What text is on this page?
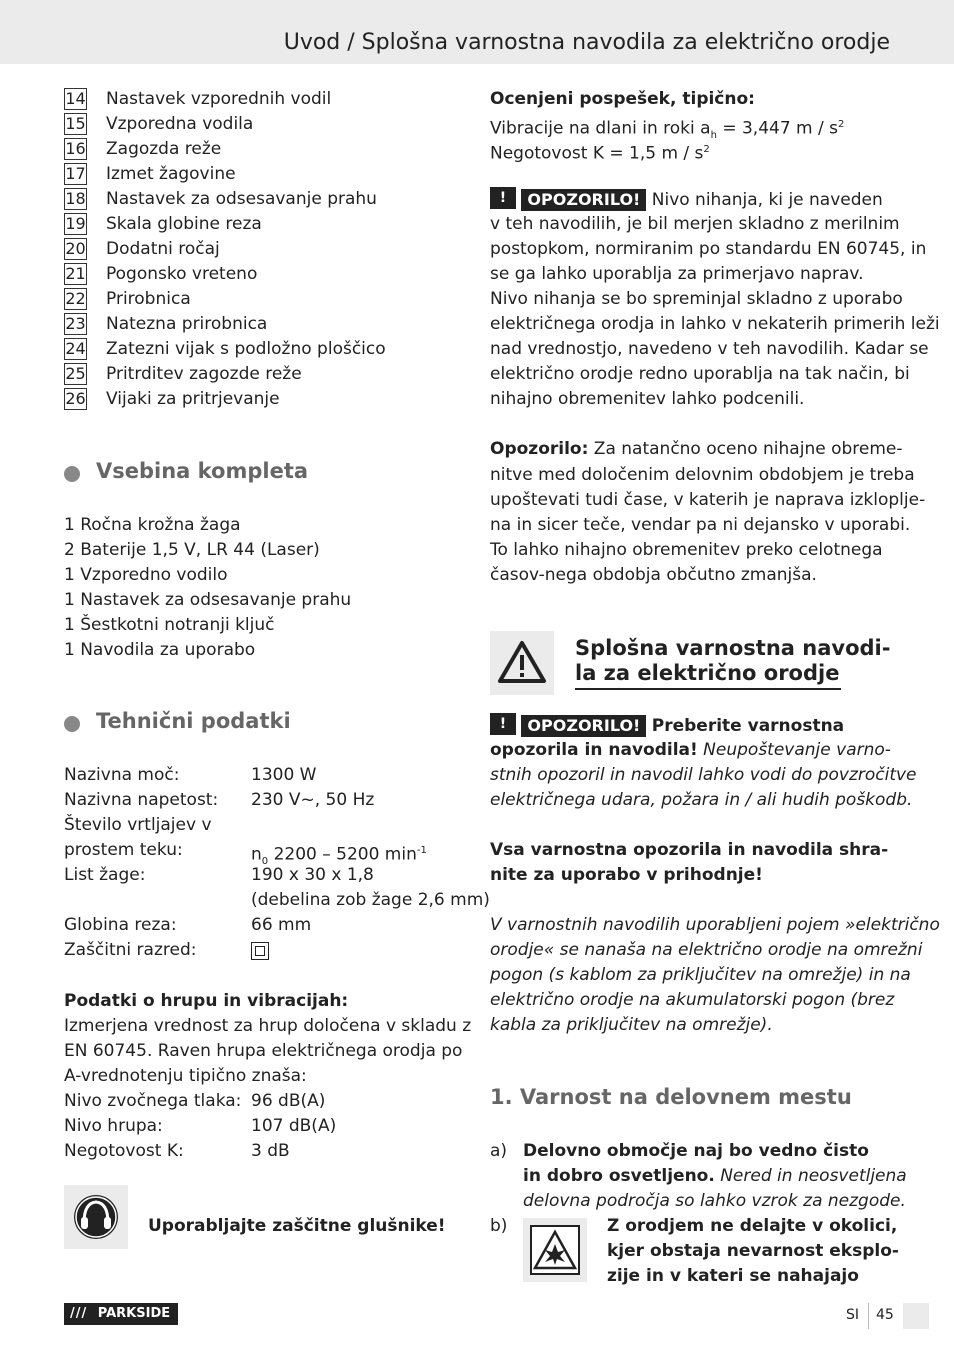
Uvod / Splošna varnostna navodila za električno orodje
14 Nastavek vzporednih vodil
15 Vzporedna vodila
16 Zagozda reže
17 Izmet žagovine
18 Nastavek za odsesavanje prahu
19 Skala globine reza
20 Dodatni ročaj
21 Pogonsko vreteno
22 Prirobnica
23 Natezna prirobnica
24 Zatezni vijak s podložno ploščico
25 Pritrditev zagozde reže
26 Vijaki za pritrjevanje
Vsebina kompleta
1 Ročna krožna žaga
2 Baterije 1,5 V, LR 44 (Laser)
1 Vzporedno vodilo
1 Nastavek za odsesavanje prahu
1 Šestkotni notranji ključ
1 Navodila za uporabo
Tehnični podatki
Nazivna moč:	1300 W
Nazivna napetost: 230 V~, 50 Hz
Število vrtljajev v
prostem teku:	$n_0$ 2200 – 5200 $\min^{-1}$
List žage:	190 x 30 x 1,8
(debelina zob žage 2,6 mm)
Globina reza:	66 mm
Zaščitni razred:
Podatki o hrupu in vibracijah:
Izmerjena vrednost za hrup določena v skladu z
EN 60745. Raven hrupa električnega orodja po
A-vrednotenju tipično znaša:
Nivo zvočnega tlaka: 96 dB(A)
Nivo hrupa:	107 dB(A)
Negotovost K:	3 dB
Uporabljajte zaščitne glušnike!
Ocenjeni pospešek, tipično:
Vibracije na dlani in roki $a_h = 3,447$ m / $s^2$
Negotovost K = 1,5 m / $s^2$
!	OPOZORILO! Nivo nihanja, ki je naveden
v teh navodilih, je bil merjen skladno z merilnim
postopkom, normiranim po standardu EN 60745, in
se ga lahko uporablja za primerjavo naprav.
Nivo nihanja se bo spreminjal skladno z uporabo
električnega orodja in lahko v nekaterih primerih leži
nad vrednostjo, navedeno v teh navodilih. Kadar se
električno orodje redno uporablja na tak način, bi
nihajno obremenitev lahko podcenili.
Opozorilo: Za natančno oceno nihajne obreme-
nitve med določenim delovnim obdobjem je treba
upoštevati tudi čase, v katerih je naprava izklopljе-
na in sicer teče, vendar pa ni dejansko v uporabi.
To lahko nihajno obremenitev preko celotnega
časov-nega obdobja občutno zmanjša.
Splošna varnostna navodi-
la za električno orodje
!	OPOZORILO! Preberite varnostna
opozorila in navodila! Neupoštevanje varno-
stnih opozoril in navodil lahko vodi do povzročitve
električnega udara, požara in / ali hudih poškodb.
Vsa varnostna opozorila in navodila shra-
nite za uporabo v prihodnje!
V varnostnih navodilih uporabljeni pojem »električno
orodje« se nanaša na električno orodje na omrežni
pogon (s kablom za priključitev na omrežje) in na
električno orodje na akumulatorski pogon (brez
kabla za priključitev na omrežje).
1. Varnost na delovnem mestu
a) Delovno območje naj bo vedno čisto
in dobro osvetljeno. Nered in neosvetljena
delovna področja so lahko vzrok za nezgode.
b)	Z orodjem ne delajte v okolici,
kjer obstaja nevarnost eksplo-
zije in v kateri se nahajajo
/// PARKSIDE	SI 45
